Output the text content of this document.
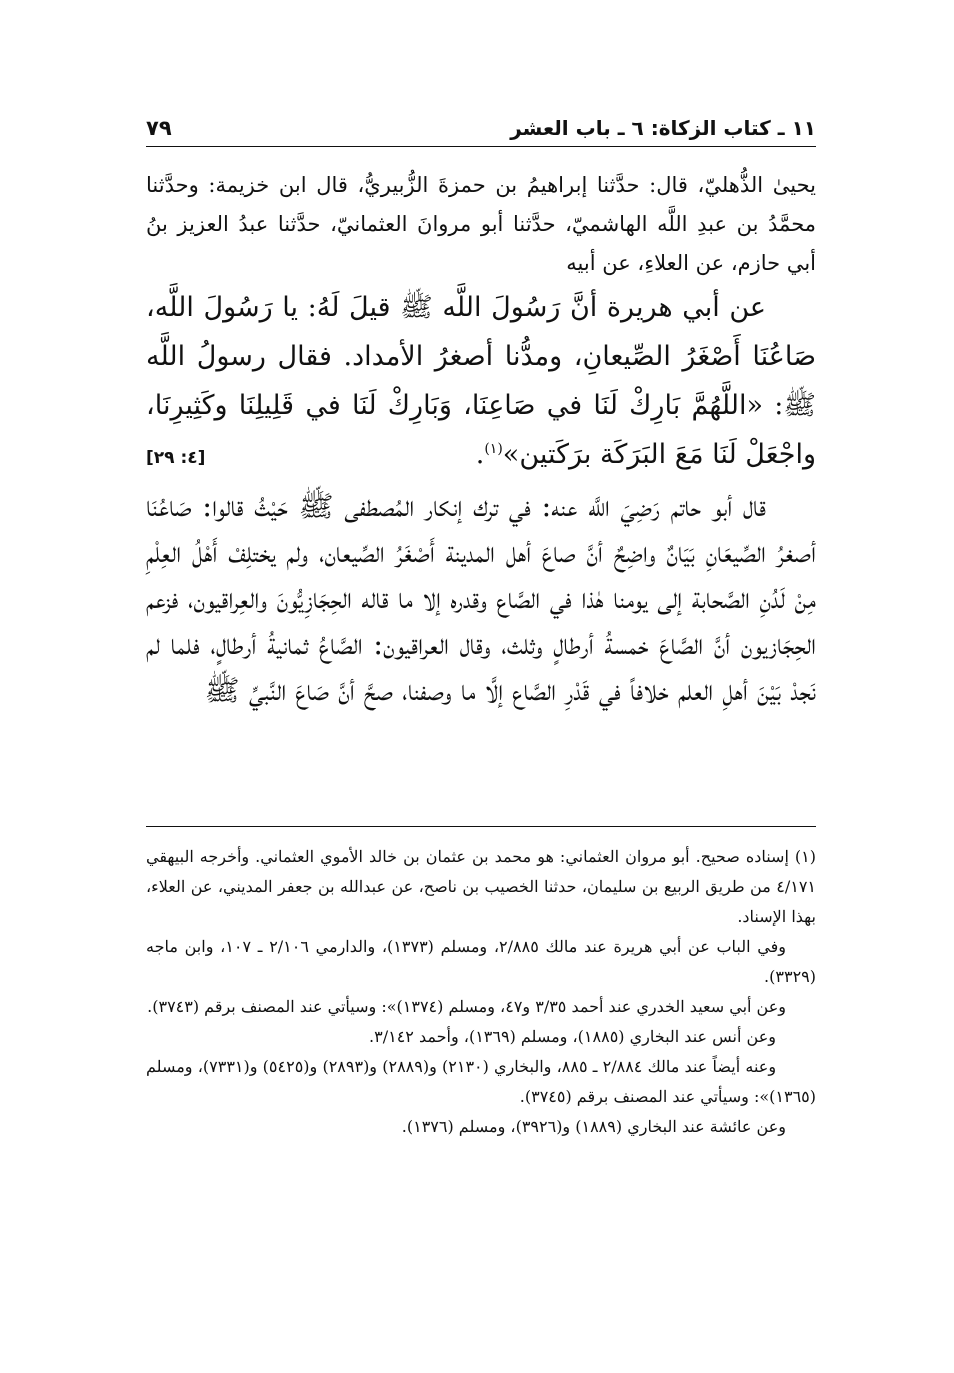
١١ ـ كتاب الزكاة: ٦ ـ باب العشر
٧٩

يحيىٰ الذُّهليّ، قال: حدَّثنا إبراهيمُ بن حمزةَ الزُّبيريُّ، قال ابن خزيمة: وحدَّثنا محمَّدُ بن عبدِ اللَّه الهاشميّ، حدَّثنا أبو مروانَ العثمانيّ، حدَّثنا عبدُ العزيز بنُ أبي حازم، عن العلاءِ، عن أبيه

عن أبي هريرة أنَّ رَسُولَ اللَّه ﷺ قيلَ لَهُ: يا رَسُولَ اللَّه، صَاعُنَا أَصْغَرُ الصِّيعانِ، ومدُّنا أصغرُ الأمداد. فقال رسولُ اللَّه ﷺ: «اللَّهُمَّ بَارِكْ لَنَا في صَاعِنَا، وَبَارِكْ لَنَا في قَلِيلِنَا وكَثِيرِنَا، واجْعَلْ لَنَا مَعَ البَرَكَة برَكَتين»$^{(١)}$.
[٤: ٢٩]

قال أبو حاتم رَضِيَ اللَّه عنه: في ترك إنكار المُصطفى ﷺ حَيْثُ قالوا: صَاعُنَا أصغرُ الصِّيعَانِ بَيَانٌ واضِحٌ أنَّ صاعَ أهل المدينة أَصْغَرُ الصِّيعان، ولم يختلِفْ أَهْلُ العِلْمِ مِنْ لَدُنِ الصَّحابة إلى يومنا هٰذا في الصَّاع وقدره إلا ما قاله الحِجَازِيُّونَ والعِراقيون، فزعم الحِجَازيون أنَّ الصَّاعَ خمسةُ أرطالٍ وثلث، وقال العراقيون: الصَّاعُ ثمانيةُ أرطالٍ، فلما لم نَجدْ بَيْنَ أهلِ العلم خلافاً في قَدْرِ الصَّاع إلَّا ما وصفنا، صحَّ أنَّ صَاعَ النَّبيِّ ﷺ

(١) إسناده صحيح. أبو مروان العثماني: هو محمد بن عثمان بن خالد الأموي العثماني. وأخرجه البيهقي ٤/١٧١ من طريق الربيع بن سليمان، حدثنا الخصيب بن ناصح، عن عبدالله بن جعفر المديني، عن العلاء، بهذا الإسناد.

وفي الباب عن أبي هريرة عند مالك ٢/٨٨٥، ومسلم (١٣٧٣)، والدارمي ٢/١٠٦ ـ ١٠٧، وابن ماجه (٣٣٢٩).

وعن أبي سعيد الخدري عند أحمد ٣/٣٥ و٤٧، ومسلم (١٣٧٤)»: وسيأتي عند المصنف برقم (٣٧٤٣).

وعن أنس عند البخاري (١٨٨٥)، ومسلم (١٣٦٩)، وأحمد ٣/١٤٢.

وعنه أيضاً عند مالك ٢/٨٨٤ ـ ٨٨٥، والبخاري (٢١٣٠) و(٢٨٨٩) و(٢٨٩٣) و(٥٤٢٥) و(٧٣٣١)، ومسلم (١٣٦٥)»: وسيأتي عند المصنف برقم (٣٧٤٥).

وعن عائشة عند البخاري (١٨٨٩) و(٣٩٢٦)، ومسلم (١٣٧٦).
